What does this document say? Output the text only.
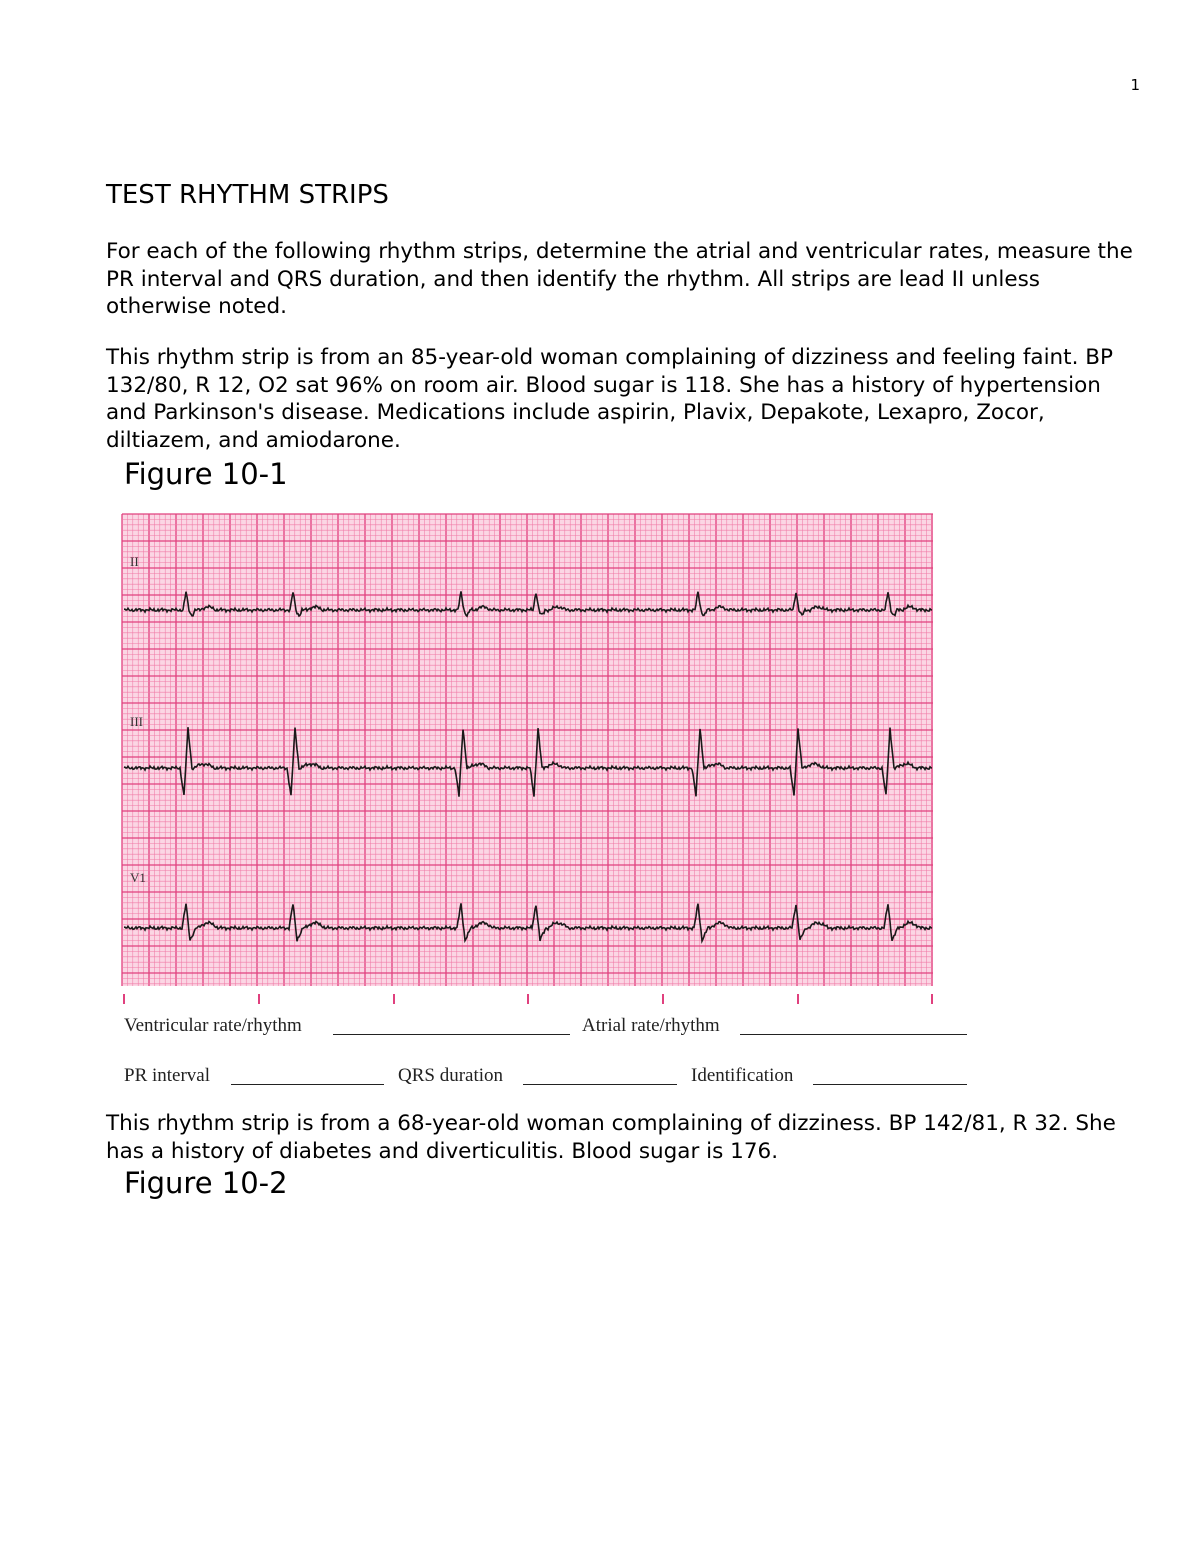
1
TEST RHYTHM STRIPS

For each of the following rhythm strips, determine the atrial and ventricular rates, measure the PR interval and QRS duration, and then identify the rhythm. All strips are lead II unless otherwise noted.

This rhythm strip is from an 85-year-old woman complaining of dizziness and feeling faint. BP 132/80, R 12, O2 sat 96% on room air. Blood sugar is 118. She has a history of hypertension and Parkinson's disease. Medications include aspirin, Plavix, Depakote, Lexapro, Zocor, diltiazem, and amiodarone.

Figure 10-1
II
III
V1
Ventricular rate/rhythm	Atrial rate/rhythm
PR interval	QRS duration	Identification

This rhythm strip is from a 68-year-old woman complaining of dizziness. BP 142/81, R 32. She has a history of diabetes and diverticulitis. Blood sugar is 176.

Figure 10-2
